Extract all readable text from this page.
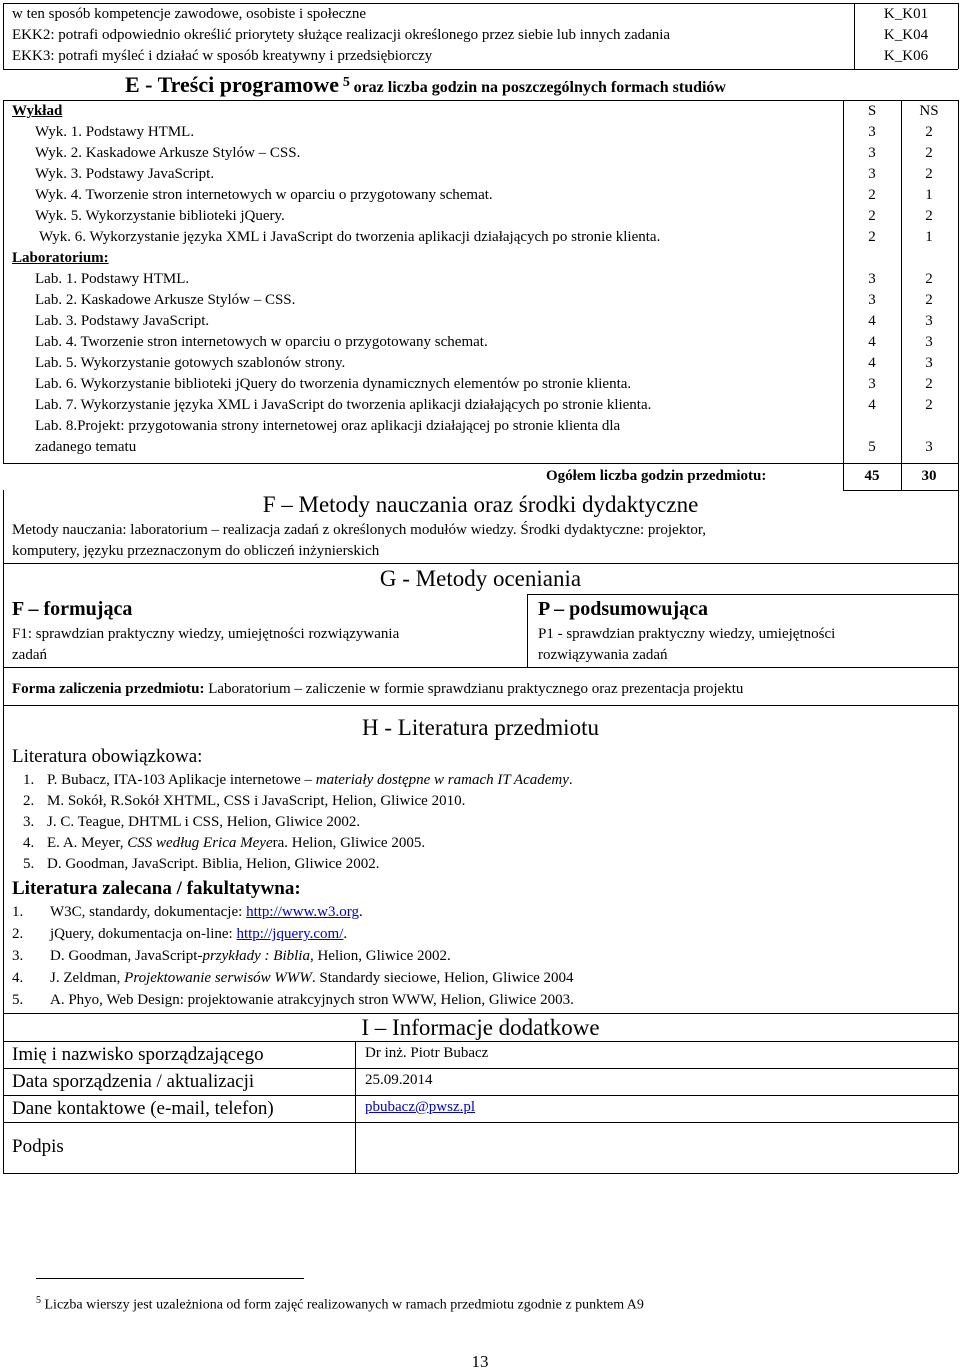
w ten sposób kompetencje zawodowe, osobiste i społeczne	K_K01
EKK2: potrafi odpowiednio określić priorytety służące realizacji określonego przez siebie lub innych zadania	K_K04
EKK3: potrafi myśleć i działać w sposób kreatywny i przedsiębiorczy	K_K06
E - Treści programowe $^5$ oraz liczba godzin na poszczególnych formach studiów
Wykład	S	NS
Wyk. 1. Podstawy HTML.	3	2
Wyk. 2. Kaskadowe Arkusze Stylów – CSS.	3	2
Wyk. 3. Podstawy JavaScript.	3	2
Wyk. 4. Tworzenie stron internetowych w oparciu o przygotowany schemat.	2	1
Wyk. 5. Wykorzystanie biblioteki jQuery.	2	2
Wyk. 6. Wykorzystanie języka XML i JavaScript do tworzenia aplikacji działających po stronie klienta.	2	1
Laboratorium:
Lab. 1. Podstawy HTML.	3	2
Lab. 2. Kaskadowe Arkusze Stylów – CSS.	3	2
Lab. 3. Podstawy JavaScript.	4	3
Lab. 4. Tworzenie stron internetowych w oparciu o przygotowany schemat.	4	3
Lab. 5. Wykorzystanie gotowych szablonów strony.	4	3
Lab. 6. Wykorzystanie biblioteki jQuery do tworzenia dynamicznych elementów po stronie klienta.	3	2
Lab. 7. Wykorzystanie języka XML i JavaScript do tworzenia aplikacji działających po stronie klienta.	4	2
Lab. 8.Projekt: przygotowania strony internetowej oraz aplikacji działającej po stronie klienta dla
zadanego tematu	5	3
Ogółem liczba godzin przedmiotu:	45	30
F – Metody nauczania oraz środki dydaktyczne
Metody nauczania: laboratorium – realizacja zadań z określonych modułów wiedzy. Środki dydaktyczne: projektor,
komputery, języku przeznaczonym do obliczeń inżynierskich
G - Metody oceniania
F – formująca
F1: sprawdzian praktyczny wiedzy, umiejętności rozwiązywania
zadań
P – podsumowująca
P1 - sprawdzian praktyczny wiedzy, umiejętności
rozwiązywania zadań
Forma zaliczenia przedmiotu: Laboratorium – zaliczenie w formie sprawdzianu praktycznego oraz prezentacja projektu
H - Literatura przedmiotu
Literatura obowiązkowa:
1. P. Bubacz, ITA-103 Aplikacje internetowe – materiały dostępne w ramach IT Academy.
2. M. Sokół, R.Sokół XHTML, CSS i JavaScript, Helion, Gliwice 2010.
3. J. C. Teague, DHTML i CSS, Helion, Gliwice 2002.
4. E. A. Meyer, CSS według Erica Meyera. Helion, Gliwice 2005.
5. D. Goodman, JavaScript. Biblia, Helion, Gliwice 2002.
Literatura zalecana / fakultatywna:
1. W3C, standardy, dokumentacje: http://www.w3.org.
2. jQuery, dokumentacja on-line: http://jquery.com/.
3. D. Goodman, JavaScript-przykłady : Biblia, Helion, Gliwice 2002.
4. J. Zeldman, Projektowanie serwisów WWW. Standardy sieciowe, Helion, Gliwice 2004
5. A. Phyo, Web Design: projektowanie atrakcyjnych stron WWW, Helion, Gliwice 2003.
I – Informacje dodatkowe
Imię i nazwisko sporządzającego	Dr inż. Piotr Bubacz
Data sporządzenia / aktualizacji	25.09.2014
Dane kontaktowe (e-mail, telefon)	pbubacz@pwsz.pl
Podpis
$^5$ Liczba wierszy jest uzależniona od form zajęć realizowanych w ramach przedmiotu zgodnie z punktem A9
13
